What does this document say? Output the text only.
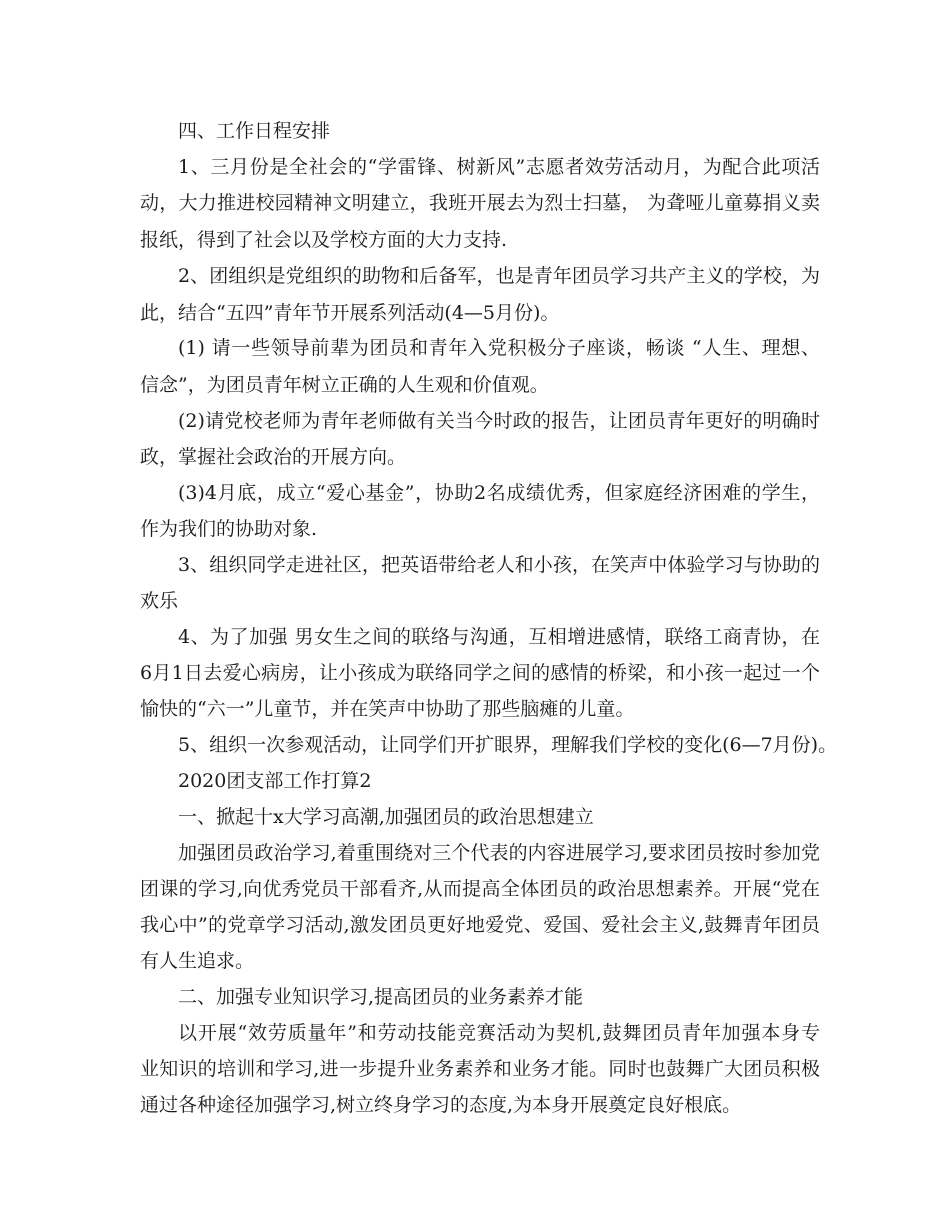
四、工作日程安排
1、三月份是全社会的“学雷锋、树新风”志愿者效劳活动月，为配合此项活
动，大力推进校园精神文明建立，我班开展去为烈士扫墓， 为聋哑儿童募捐义卖
报纸，得到了社会以及学校方面的大力支持.
2、团组织是党组织的助物和后备军，也是青年团员学习共产主义的学校，为
此，结合“五四”青年节开展系列活动(4—5月份)。
(1) 请一些领导前辈为团员和青年入党积极分子座谈，畅谈 “人生、理想、
信念”，为团员青年树立正确的人生观和价值观。
(2)请党校老师为青年老师做有关当今时政的报告，让团员青年更好的明确时
政，掌握社会政治的开展方向。
(3)4月底，成立“爱心基金”，协助2名成绩优秀，但家庭经济困难的学生，
作为我们的协助对象.
3、组织同学走进社区，把英语带给老人和小孩，在笑声中体验学习与协助的
欢乐
4、为了加强 男女生之间的联络与沟通，互相增进感情，联络工商青协，在
6月1日去爱心病房，让小孩成为联络同学之间的感情的桥梁，和小孩一起过一个
愉快的“六一”儿童节，并在笑声中协助了那些脑瘫的儿童。
5、组织一次参观活动，让同学们开扩眼界，理解我们学校的变化(6—7月份)。
2020团支部工作打算2
一、掀起十x大学习高潮,加强团员的政治思想建立
加强团员政治学习,着重围绕对三个代表的内容进展学习,要求团员按时参加党
团课的学习,向优秀党员干部看齐,从而提高全体团员的政治思想素养。开展“党在
我心中”的党章学习活动,激发团员更好地爱党、爱国、爱社会主义,鼓舞青年团员
有人生追求。
二、加强专业知识学习,提高团员的业务素养才能
以开展“效劳质量年”和劳动技能竞赛活动为契机,鼓舞团员青年加强本身专
业知识的培训和学习,进一步提升业务素养和业务才能。同时也鼓舞广大团员积极
通过各种途径加强学习,树立终身学习的态度,为本身开展奠定良好根底。
